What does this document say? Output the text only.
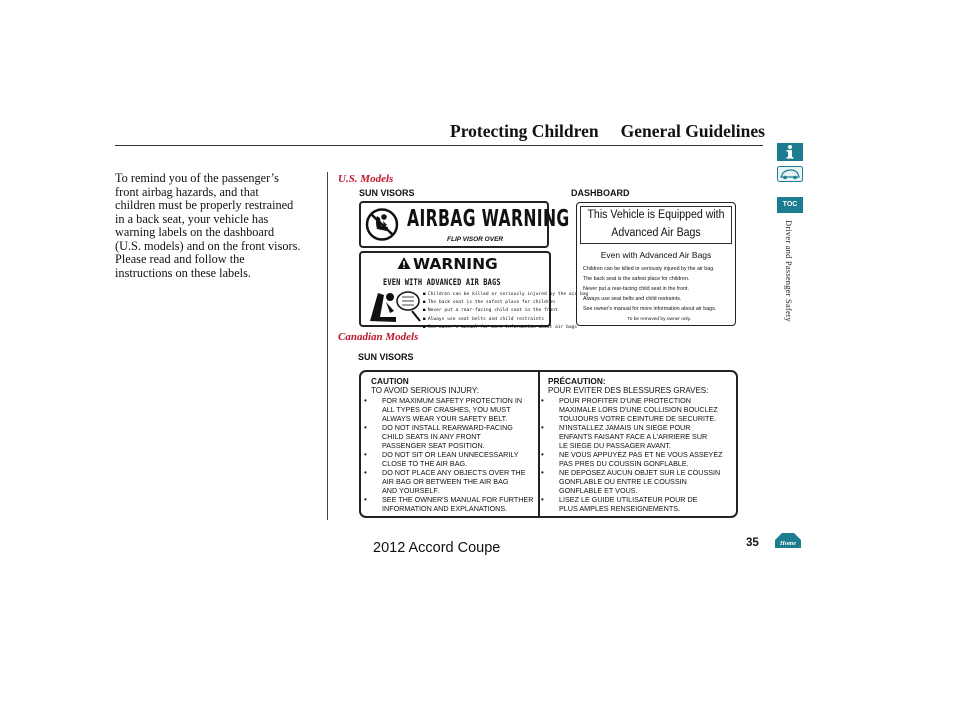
Protecting Children General Guidelines
TOC
Driver and Passenger Safety
To remind you of the passenger’s
front airbag hazards, and that
children must be properly restrained
in a back seat, your vehicle has
warning labels on the dashboard
(U.S. models) and on the front visors.
Please read and follow the
instructions on these labels.
U.S. Models
SUN VISORS	DASHBOARD
AIRBAG WARNING
FLIP VISOR OVER
WARNING
EVEN WITH ADVANCED AIR BAGS
■ Children can be killed or seriously injured by the air bag
■ The back seat is the safest place for children
■ Never put a rear-facing child seat in the front
■ Always use seat belts and child restraints
■ See owner's manual for more information about air bags
This Vehicle is Equipped with
Advanced Air Bags
Even with Advanced Air Bags
Children can be killed or seriously injured by the air bag.
The back seat is the safest place for children.
Never put a rear-facing child seat in the front.
Always use seat belts and child restraints.
See owner's manual for more information about air bags.
To be removed by owner only.
Canadian Models
SUN VISORS
CAUTION
TO AVOID SERIOUS INJURY:
• FOR MAXIMUM SAFETY PROTECTION IN
ALL TYPES OF CRASHES, YOU MUST
ALWAYS WEAR YOUR SAFETY BELT.
• DO NOT INSTALL REARWARD-FACING
CHILD SEATS IN ANY FRONT
PASSENGER SEAT POSITION.
• DO NOT SIT OR LEAN UNNECESSARILY
CLOSE TO THE AIR BAG.
• DO NOT PLACE ANY OBJECTS OVER THE
AIR BAG OR BETWEEN THE AIR BAG
AND YOURSELF.
• SEE THE OWNER'S MANUAL FOR FURTHER
INFORMATION AND EXPLANATIONS.
PRÉCAUTION:
POUR EVITER DES BLESSURES GRAVES:
• POUR PROFITER D'UNE PROTECTION
MAXIMALE LORS D'UNE COLLISION BOUCLEZ
TOUJOURS VOTRE CEINTURE DE SECURITE.
• N'INSTALLEZ JAMAIS UN SIEGE POUR
ENFANTS FAISANT FACE A L'ARRIERE SUR
LE SIEGE DU PASSAGER AVANT.
• NE VOUS APPUYEZ PAS ET NE VOUS ASSEYEZ
PAS PRES DU COUSSIN GONFLABLE.
• NE DEPOSEZ AUCUN OBJET SUR LE COUSSIN
GONFLABLE OU ENTRE LE COUSSIN
GONFLABLE ET VOUS.
• LISEZ LE GUIDE UTILISATEUR POUR DE
PLUS AMPLES RENSEIGNEMENTS.
2012 Accord Coupe	35	Home
